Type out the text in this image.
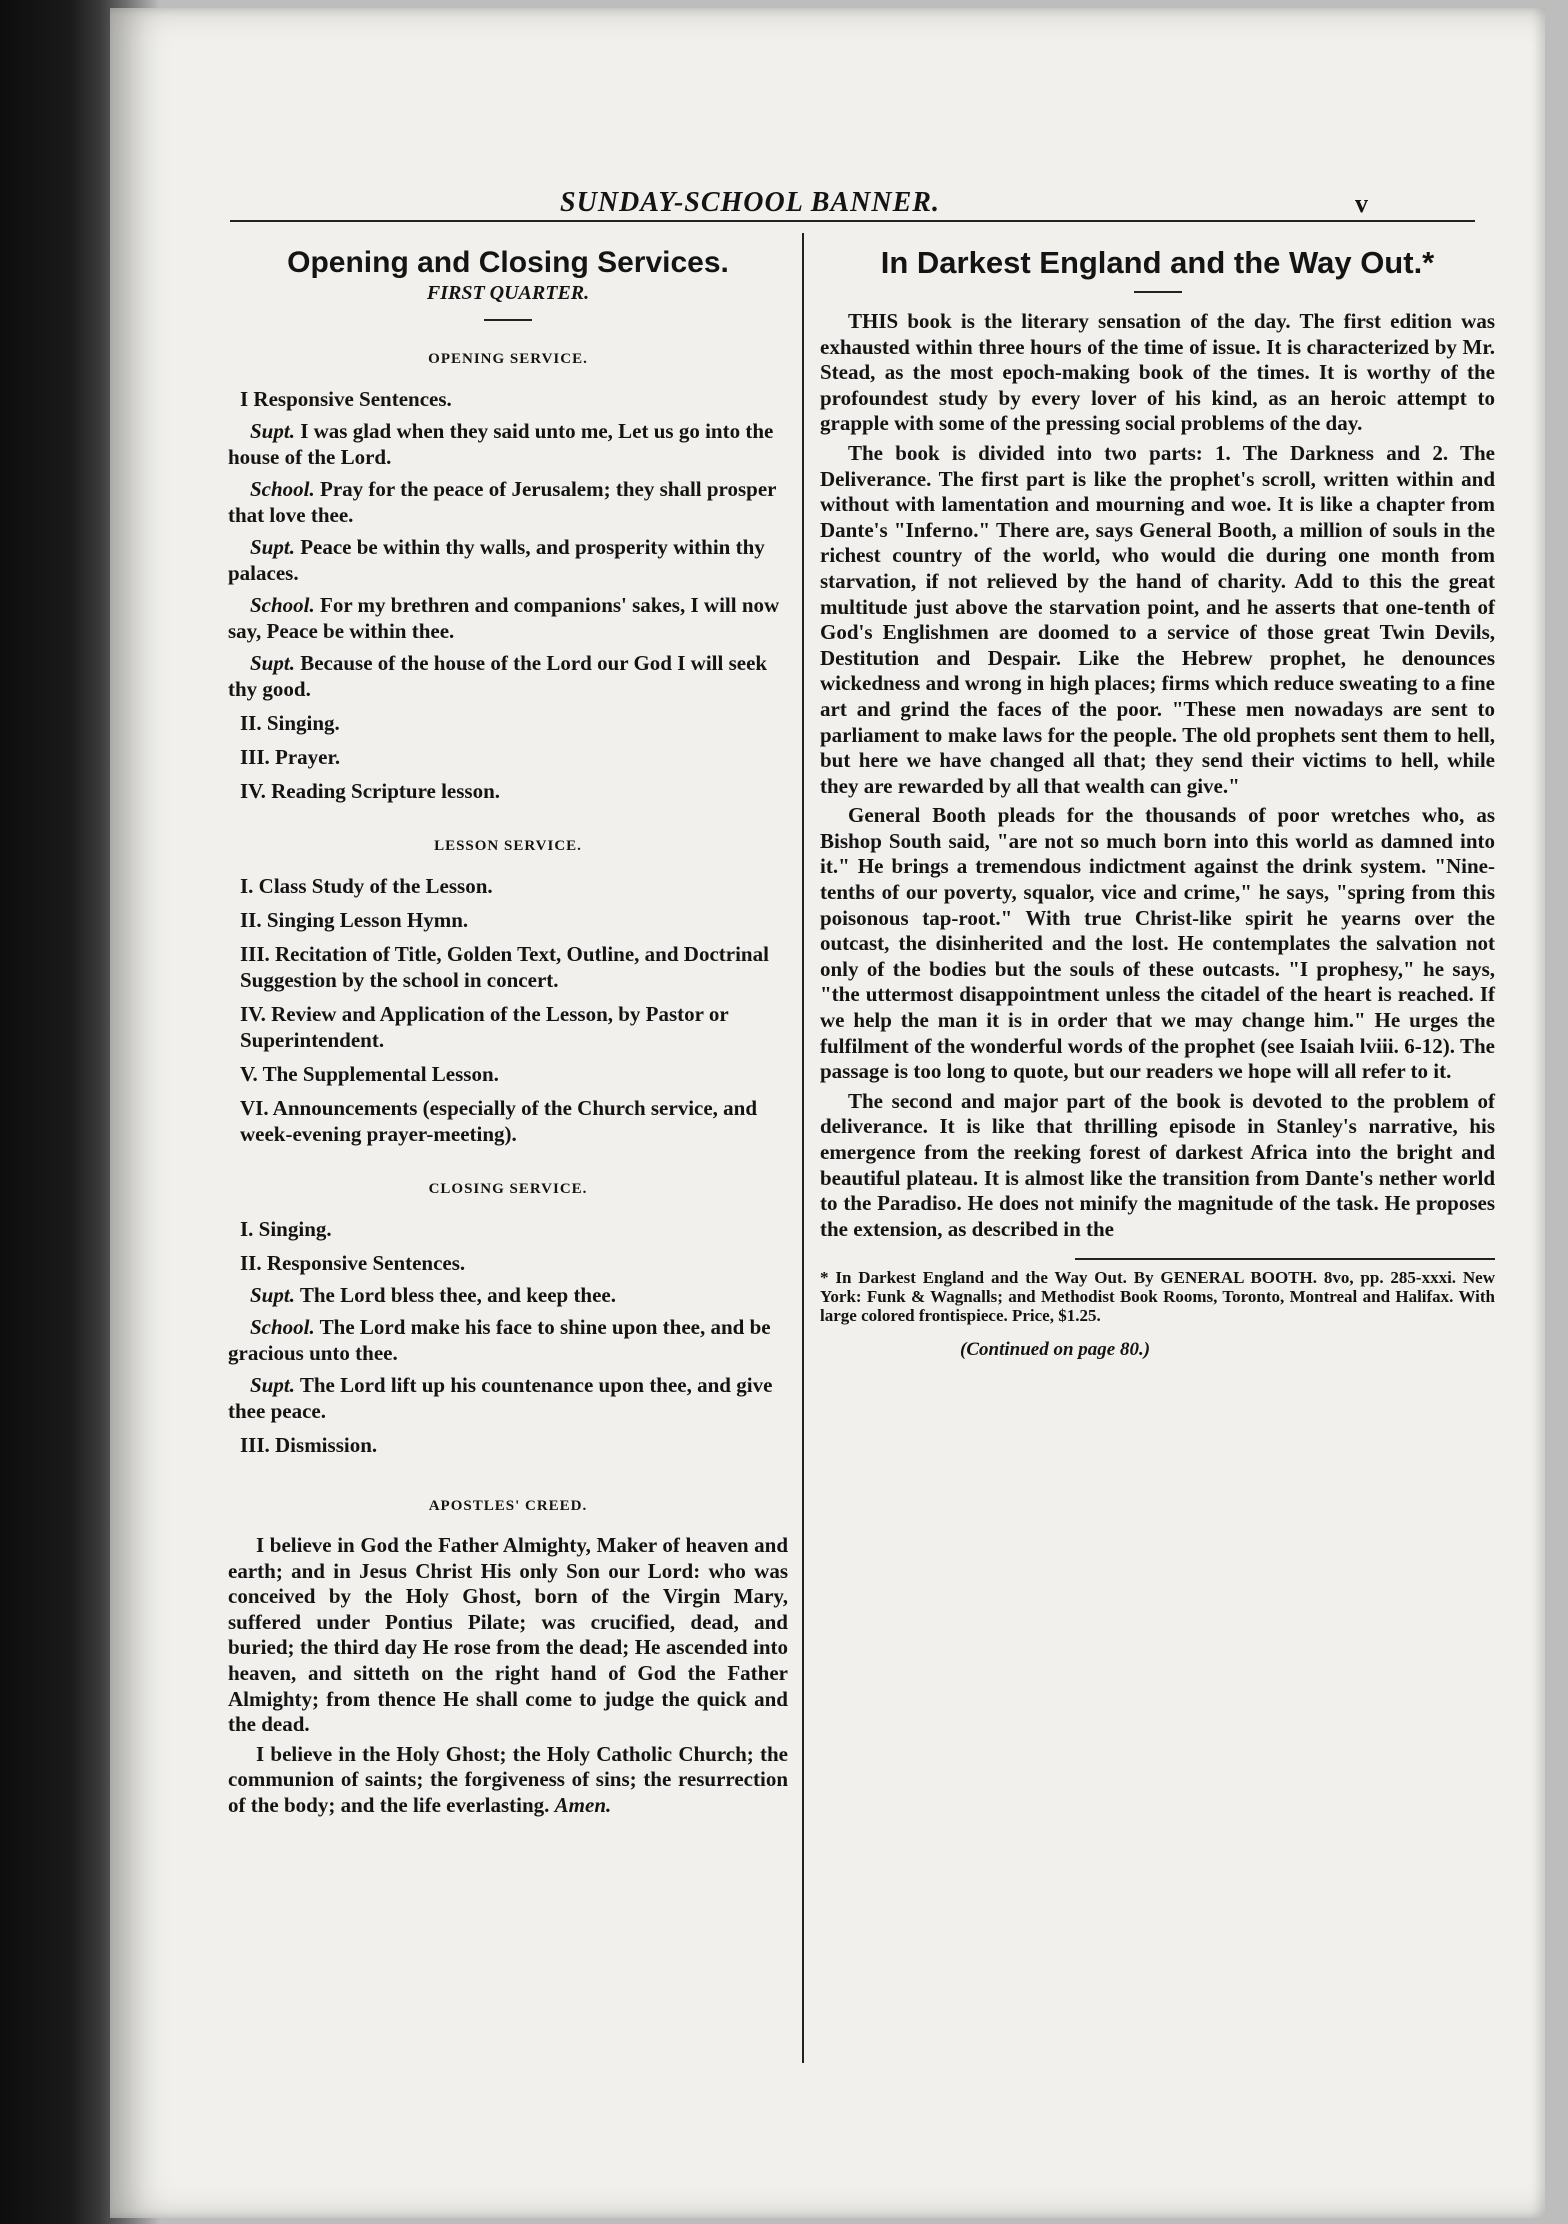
SUNDAY-SCHOOL BANNER.	v
Opening and Closing Services.
FIRST QUARTER.
OPENING SERVICE.
I Responsive Sentences.
Supt. I was glad when they said unto me, Let us go into the house of the Lord.
School. Pray for the peace of Jerusalem; they shall prosper that love thee.
Supt. Peace be within thy walls, and prosperity within thy palaces.
School. For my brethren and companions' sakes, I will now say, Peace be within thee.
Supt. Because of the house of the Lord our God I will seek thy good.
II. Singing.
III. Prayer.
IV. Reading Scripture lesson.
LESSON SERVICE.
I. Class Study of the Lesson.
II. Singing Lesson Hymn.
III. Recitation of Title, Golden Text, Outline, and Doctrinal Suggestion by the school in concert.
IV. Review and Application of the Lesson, by Pastor or Superintendent.
V. The Supplemental Lesson.
VI. Announcements (especially of the Church service, and week-evening prayer-meeting).
CLOSING SERVICE.
I. Singing.
II. Responsive Sentences.
Supt. The Lord bless thee, and keep thee.
School. The Lord make his face to shine upon thee, and be gracious unto thee.
Supt. The Lord lift up his countenance upon thee, and give thee peace.
III. Dismission.
APOSTLES' CREED.

I believe in God the Father Almighty, Maker of heaven and earth; and in Jesus Christ His only Son our Lord: who was conceived by the Holy Ghost, born of the Virgin Mary, suffered under Pontius Pilate; was crucified, dead, and buried; the third day He rose from the dead; He ascended into heaven, and sitteth on the right hand of God the Father Almighty; from thence He shall come to judge the quick and the dead.

I believe in the Holy Ghost; the Holy Catholic Church; the communion of saints; the forgiveness of sins; the resurrection of the body; and the life everlasting. Amen.

In Darkest England and the Way Out.*

THIS book is the literary sensation of the day. The first edition was exhausted within three hours of the time of issue. It is characterized by Mr. Stead, as the most epoch-making book of the times. It is worthy of the profoundest study by every lover of his kind, as an heroic attempt to grapple with some of the pressing social problems of the day.

The book is divided into two parts: 1. The Darkness and 2. The Deliverance. The first part is like the prophet's scroll, written within and without with lamentation and mourning and woe. It is like a chapter from Dante's "Inferno." There are, says General Booth, a million of souls in the richest country of the world, who would die during one month from starvation, if not relieved by the hand of charity. Add to this the great multitude just above the starvation point, and he asserts that one-tenth of God's Englishmen are doomed to a service of those great Twin Devils, Destitution and Despair. Like the Hebrew prophet, he denounces wickedness and wrong in high places; firms which reduce sweating to a fine art and grind the faces of the poor. "These men nowadays are sent to parliament to make laws for the people. The old prophets sent them to hell, but here we have changed all that; they send their victims to hell, while they are rewarded by all that wealth can give."

General Booth pleads for the thousands of poor wretches who, as Bishop South said, "are not so much born into this world as damned into it." He brings a tremendous indictment against the drink system. "Nine-tenths of our poverty, squalor, vice and crime," he says, "spring from this poisonous tap-root." With true Christ-like spirit he yearns over the outcast, the disinherited and the lost. He contemplates the salvation not only of the bodies but the souls of these outcasts. "I prophesy," he says, "the uttermost disappointment unless the citadel of the heart is reached. If we help the man it is in order that we may change him." He urges the fulfilment of the wonderful words of the prophet (see Isaiah lviii. 6-12). The passage is too long to quote, but our readers we hope will all refer to it.

The second and major part of the book is devoted to the problem of deliverance. It is like that thrilling episode in Stanley's narrative, his emergence from the reeking forest of darkest Africa into the bright and beautiful plateau. It is almost like the transition from Dante's nether world to the Paradiso. He does not minify the magnitude of the task. He proposes the extension, as described in the

* In Darkest England and the Way Out. By GENERAL BOOTH. 8vo, pp. 285-xxxi. New York: Funk & Wagnalls; and Methodist Book Rooms, Toronto, Montreal and Halifax. With large colored frontispiece. Price, $1.25.
(Continued on page 80.)
